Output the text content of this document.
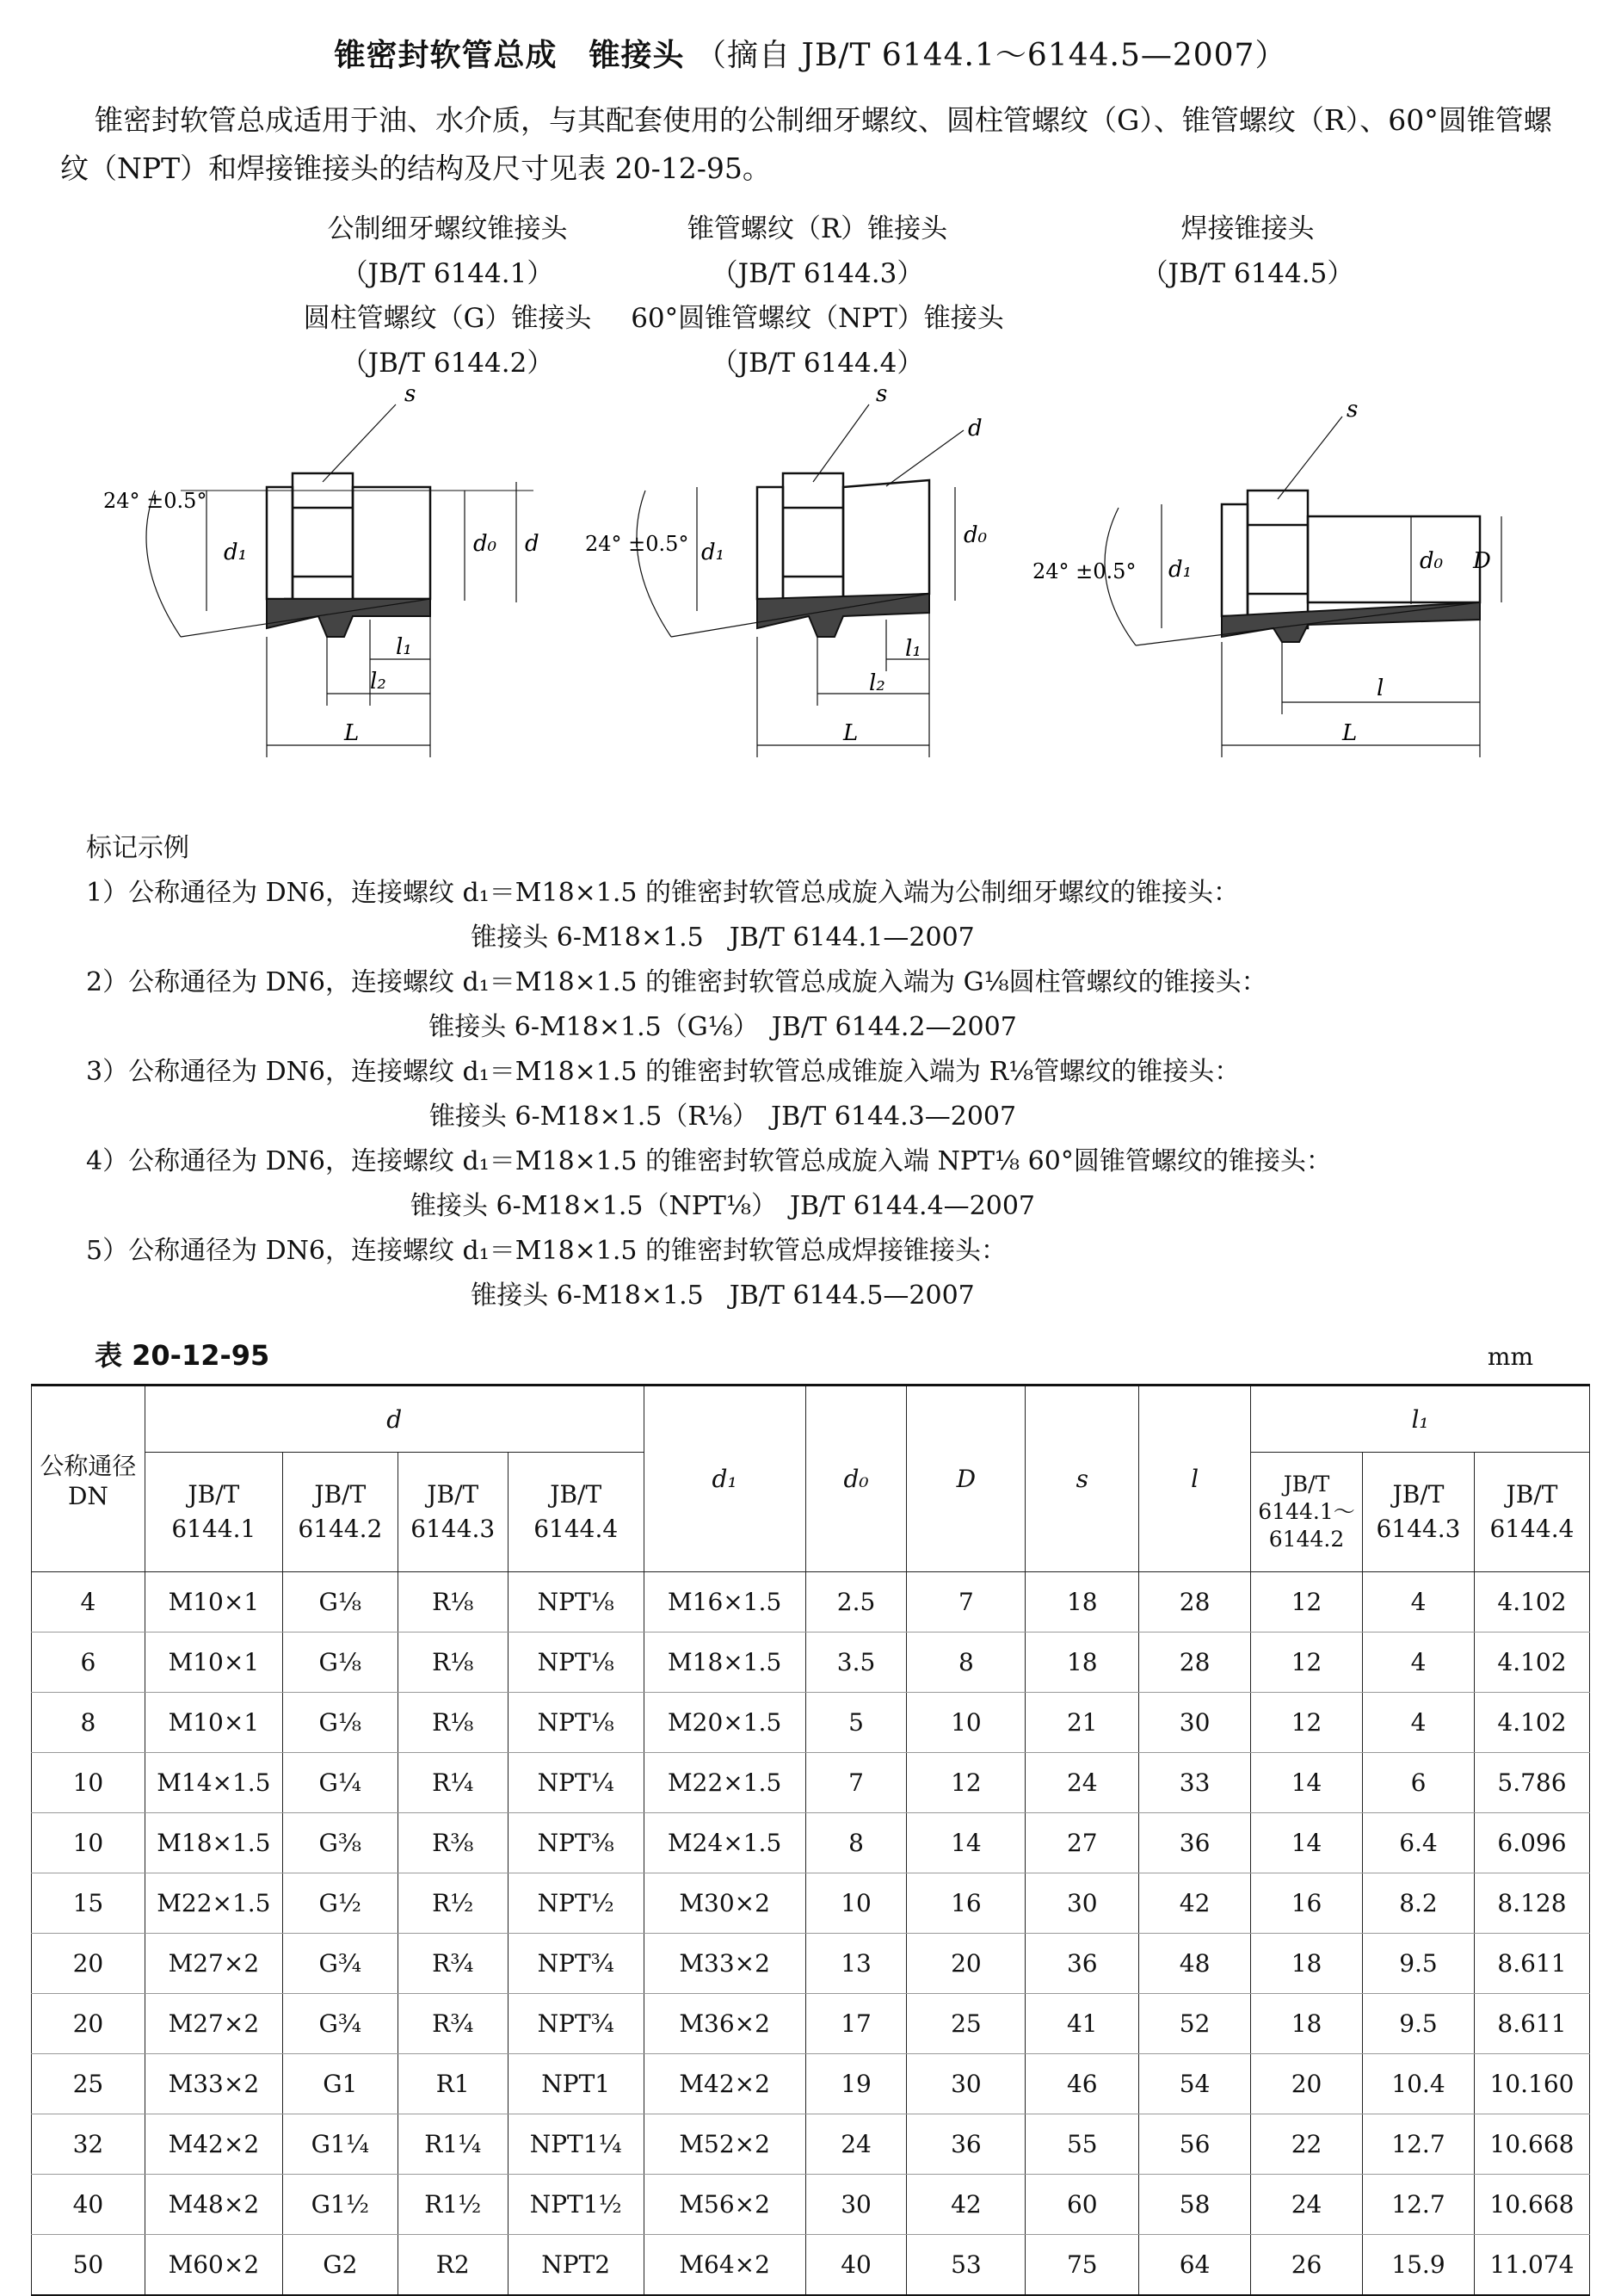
锥密封软管总成　锥接头 （摘自 JB/T 6144.1～6144.5—2007）
锥密封软管总成适用于油、水介质，与其配套使用的公制细牙螺纹、圆柱管螺纹（G）、锥管螺纹（R）、60°圆锥管螺纹（NPT）和焊接锥接头的结构及尺寸见表 20-12-95。
公制细牙螺纹锥接头
（JB/T 6144.1）
圆柱管螺纹（G）锥接头
（JB/T 6144.2）
锥管螺纹（R）锥接头
（JB/T 6144.3）
60°圆锥管螺纹（NPT）锥接头
（JB/T 6144.4）
焊接锥接头
（JB/T 6144.5）
s
24° ±0.5°
d₁	d₀ d
l₁
l₂
L
s
d
24° ±0.5° d₁
d₀
l₁
l₂
L
s
24° ±0.5° d₁	d₀ D
l
L
标记示例
1）公称通径为 DN6，连接螺纹 d₁＝M18×1.5 的锥密封软管总成旋入端为公制细牙螺纹的锥接头：
锥接头 6-M18×1.5　JB/T 6144.1—2007
2）公称通径为 DN6，连接螺纹 d₁＝M18×1.5 的锥密封软管总成旋入端为 G⅛圆柱管螺纹的锥接头：
锥接头 6-M18×1.5（G⅛）　JB/T 6144.2—2007
3）公称通径为 DN6，连接螺纹 d₁＝M18×1.5 的锥密封软管总成锥旋入端为 R⅛管螺纹的锥接头：
锥接头 6-M18×1.5（R⅛）　JB/T 6144.3—2007
4）公称通径为 DN6，连接螺纹 d₁＝M18×1.5 的锥密封软管总成旋入端 NPT⅛ 60°圆锥管螺纹的锥接头：
锥接头 6-M18×1.5（NPT⅛）　JB/T 6144.4—2007
5）公称通径为 DN6，连接螺纹 d₁＝M18×1.5 的锥密封软管总成焊接锥接头：
锥接头 6-M18×1.5　JB/T 6144.5—2007
表 20-12-95	mm
公称通径 DN	d				d₁	d₀	D	s	l	l₁		
	JB/T 6144.1	JB/T 6144.2	JB/T 6144.3	JB/T 6144.4						JB/T 6144.1～6144.2	JB/T 6144.3	JB/T 6144.4
4	M10×1	G⅛	R⅛	NPT⅛	M16×1.5	2.5	7	18	28	12	4	4.102
6	M10×1	G⅛	R⅛	NPT⅛	M18×1.5	3.5	8	18	28	12	4	4.102
8	M10×1	G⅛	R⅛	NPT⅛	M20×1.5	5	10	21	30	12	4	4.102
10	M14×1.5	G¼	R¼	NPT¼	M22×1.5	7	12	24	33	14	6	5.786
10	M18×1.5	G⅜	R⅜	NPT⅜	M24×1.5	8	14	27	36	14	6.4	6.096
15	M22×1.5	G½	R½	NPT½	M30×2	10	16	30	42	16	8.2	8.128
20	M27×2	G¾	R¾	NPT¾	M33×2	13	20	36	48	18	9.5	8.611
20	M27×2	G¾	R¾	NPT¾	M36×2	17	25	41	52	18	9.5	8.611
25	M33×2	G1	R1	NPT1	M42×2	19	30	46	54	20	10.4	10.160
32	M42×2	G1¼	R1¼	NPT1¼	M52×2	24	36	55	56	22	12.7	10.668
40	M48×2	G1½	R1½	NPT1½	M56×2	30	42	60	58	24	12.7	10.668
50	M60×2	G2	R2	NPT2	M64×2	40	53	75	64	26	15.9	11.074
